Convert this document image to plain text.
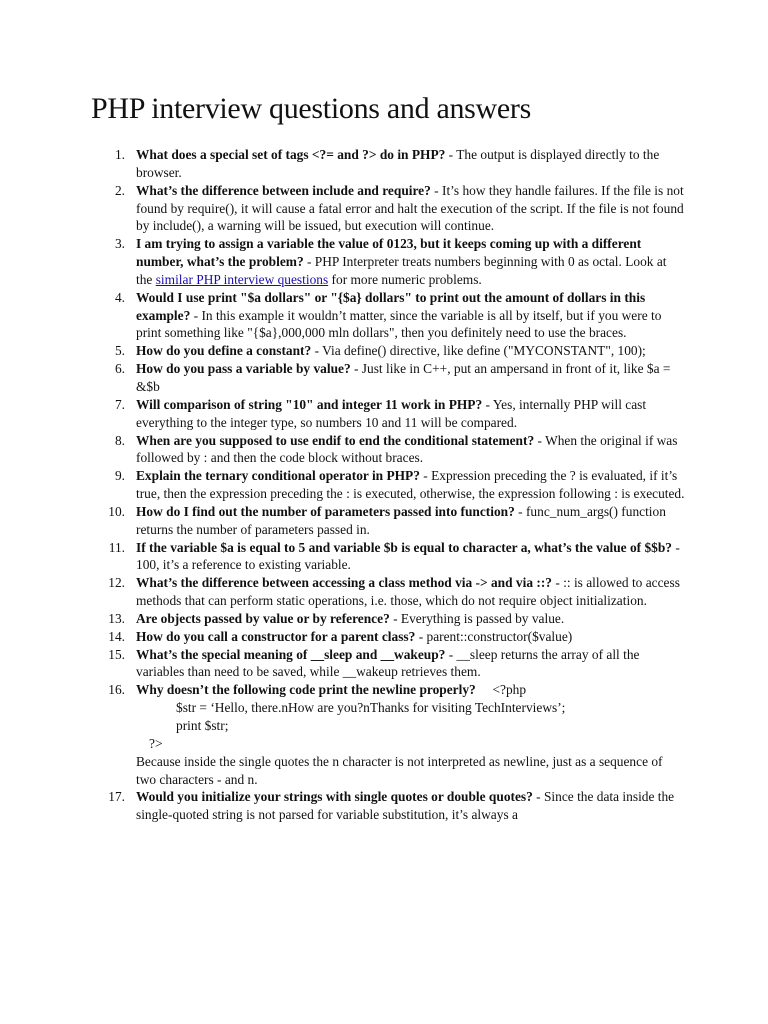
PHP interview questions and answers
1. What does a special set of tags <?= and ?> do in PHP? - The output is displayed directly to the browser.
2. What’s the difference between include and require? - It’s how they handle failures. If the file is not found by require(), it will cause a fatal error and halt the execution of the script. If the file is not found by include(), a warning will be issued, but execution will continue.
3. I am trying to assign a variable the value of 0123, but it keeps coming up with a different number, what’s the problem? - PHP Interpreter treats numbers beginning with 0 as octal. Look at the similar PHP interview questions for more numeric problems.
4. Would I use print "$a dollars" or "{$a} dollars" to print out the amount of dollars in this example? - In this example it wouldn’t matter, since the variable is all by itself, but if you were to print something like "{$a},000,000 mln dollars", then you definitely need to use the braces.
5. How do you define a constant? - Via define() directive, like define ("MYCONSTANT", 100);
6. How do you pass a variable by value? - Just like in C++, put an ampersand in front of it, like $a = &$b
7. Will comparison of string "10" and integer 11 work in PHP? - Yes, internally PHP will cast everything to the integer type, so numbers 10 and 11 will be compared.
8. When are you supposed to use endif to end the conditional statement? - When the original if was followed by : and then the code block without braces.
9. Explain the ternary conditional operator in PHP? - Expression preceding the ? is evaluated, if it’s true, then the expression preceding the : is executed, otherwise, the expression following : is executed.
10. How do I find out the number of parameters passed into function? - func_num_args() function returns the number of parameters passed in.
11. If the variable $a is equal to 5 and variable $b is equal to character a, what’s the value of $$b? - 100, it’s a reference to existing variable.
12. What’s the difference between accessing a class method via -> and via ::? - :: is allowed to access methods that can perform static operations, i.e. those, which do not require object initialization.
13. Are objects passed by value or by reference? - Everything is passed by value.
14. How do you call a constructor for a parent class? - parent::constructor($value)
15. What’s the special meaning of __sleep and __wakeup? - __sleep returns the array of all the variables than need to be saved, while __wakeup retrieves them.
16. Why doesn’t the following code print the newline properly?     <?php
$str = ‘Hello, there.nHow are you?nThanks for visiting TechInterviews’;
print $str;
?>
Because inside the single quotes the n character is not interpreted as newline, just as a sequence of two characters - and n.
17. Would you initialize your strings with single quotes or double quotes? - Since the data inside the single-quoted string is not parsed for variable substitution, it’s always a
